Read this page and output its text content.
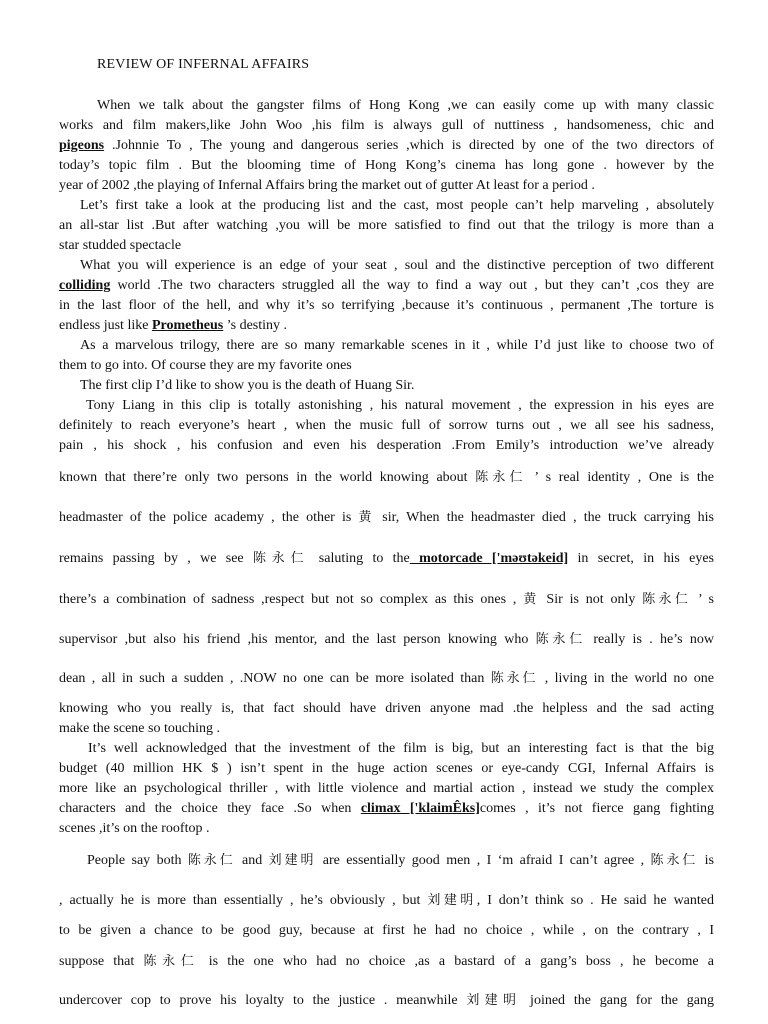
REVIEW OF INFERNAL AFFAIRS
When we talk about the gangster films of Hong Kong ,we can easily come up with many classic
works and film makers,like John Woo ,his film is always gull of nuttiness , handsomeness, chic and
pigeons .Johnnie To , The young and dangerous series ,which is directed by one of the two directors of
today’s topic film . But the blooming time of Hong Kong’s cinema has long gone . however by the
year of 2002 ,the playing of Infernal Affairs bring the market out of gutter At least for a period .
Let’s first take a look at the producing list and the cast, most people can’t help marveling , absolutely
an all-star list .But after watching ,you will be more satisfied to find out that the trilogy is more than a
star studded spectacle
What you will experience is an edge of your seat , soul and the distinctive perception of two different
colliding world .The two characters struggled all the way to find a way out , but they can’t ,cos they are
in the last floor of the hell, and why it’s so terrifying ,because it’s continuous , permanent ,The torture is
endless just like Prometheus ’s destiny .
As a marvelous trilogy, there are so many remarkable scenes in it , while I’d just like to choose two of
them to go into. Of course they are my favorite ones
The first clip I’d like to show you is the death of Huang Sir.
Tony Liang in this clip is totally astonishing , his natural movement , the expression in his eyes are
definitely to reach everyone’s heart , when the music full of sorrow turns out , we all see his sadness,
pain , his shock , his confusion and even his desperation .From Emily’s introduction we’ve already
known that there’re only two persons in the world knowing about 陈永仁 ’ s real identity , One is the
headmaster of the police academy , the other is 黄 sir, When the headmaster died , the truck carrying his
remains passing by , we see 陈永仁 saluting to the motorcade ['məʊtəkeid] in secret, in his eyes
there’s a combination of sadness ,respect but not so complex as this ones , 黄 Sir is not only 陈永仁 ’ s
supervisor ,but also his friend ,his mentor, and the last person knowing who 陈永仁 really is . he’s now
dean , all in such a sudden , .NOW no one can be more isolated than 陈永仁 , living in the world no one
knowing who you really is, that fact should have driven anyone mad .the helpless and the sad acting
make the scene so touching .
It’s well acknowledged that the investment of the film is big, but an interesting fact is that the big
budget (40 million HK $ ) isn’t spent in the huge action scenes or eye-candy CGI, Infernal Affairs is
more like an psychological thriller , with little violence and martial action , instead we study the complex
characters and the choice they face .So when climax ['klaimÊks]comes , it’s not fierce gang fighting
scenes ,it’s on the rooftop .
People say both 陈永仁 and 刘建明 are essentially good men , I ‘m afraid I can’t agree , 陈永仁 is
, actually he is more than essentially , he’s obviously , but 刘建明, I don’t think so . He said he wanted
to be given a chance to be good guy, because at first he had no choice , while , on the contrary , I
suppose that 陈永仁 is the one who had no choice ,as a bastard of a gang’s boss , he become a
undercover cop to prove his loyalty to the justice . meanwhile 刘建明 joined the gang for the gang
